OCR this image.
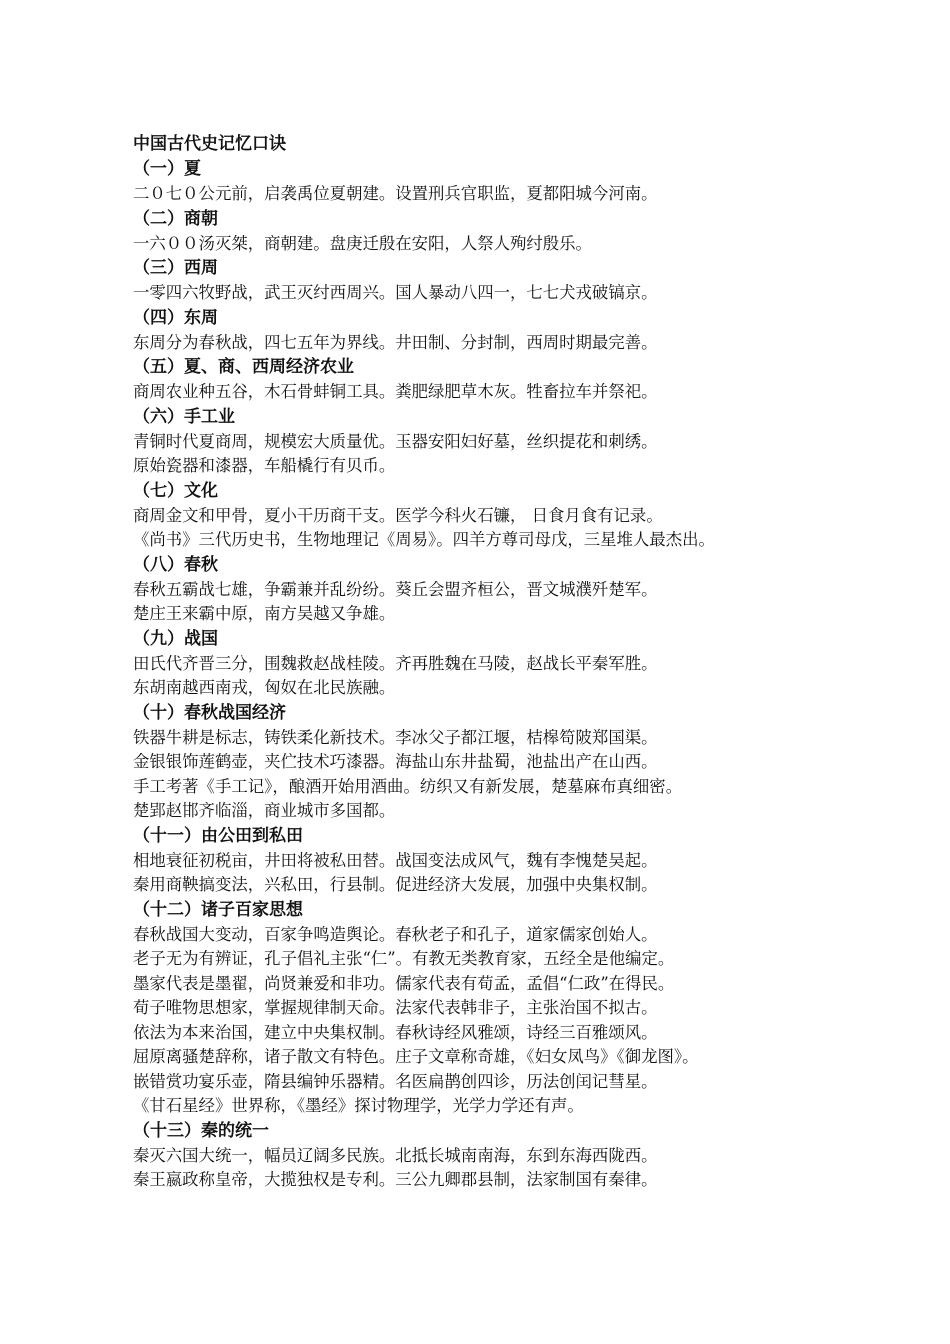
中国古代史记忆口诀

（一）夏

二０七０公元前，启袭禹位夏朝建。设置刑兵官职监，夏都阳城今河南。

（二）商朝

一六００汤灭桀，商朝建。盘庚迁殷在安阳，人祭人殉纣殷乐。

（三）西周

一零四六牧野战，武王灭纣西周兴。国人暴动八四一，七七犬戎破镐京。

（四）东周

东周分为春秋战，四七五年为界线。井田制、分封制，西周时期最完善。

（五）夏、商、西周经济农业

商周农业种五谷，木石骨蚌铜工具。粪肥绿肥草木灰。牲畜拉车并祭祀。

（六）手工业

青铜时代夏商周，规模宏大质量优。玉器安阳妇好墓，丝织提花和刺绣。

原始瓷器和漆器，车船橇行有贝币。

（七）文化

商周金文和甲骨，夏小干历商干支。医学今科火石镰， 日食月食有记录。

《尚书》三代历史书，生物地理记《周易》。四羊方尊司母戊，三星堆人最杰出。

（八）春秋

春秋五霸战七雄，争霸兼并乱纷纷。葵丘会盟齐桓公，晋文城濮歼楚军。

楚庄王来霸中原，南方吴越又争雄。

（九）战国

田氏代齐晋三分，围魏救赵战桂陵。齐再胜魏在马陵，赵战长平秦军胜。

东胡南越西南戎，匈奴在北民族融。

（十）春秋战国经济

铁器牛耕是标志，铸铁柔化新技术。李冰父子都江堰，桔槔笱陂郑国渠。

金银银饰莲鹤壶，夹伫技术巧漆器。海盐山东井盐蜀，池盐出产在山西。

手工考著《手工记》，酿酒开始用酒曲。纺织又有新发展，楚墓麻布真细密。

楚郢赵邯齐临淄，商业城市多国都。

（十一）由公田到私田

相地衰征初税亩，井田将被私田替。战国变法成风气，魏有李愧楚吴起。

秦用商鞅搞变法，兴私田，行县制。促进经济大发展，加强中央集权制。

（十二）诸子百家思想

春秋战国大变动，百家争鸣造舆论。春秋老子和孔子，道家儒家创始人。

老子无为有辨证，孔子倡礼主张“仁”。有教无类教育家，五经全是他编定。

墨家代表是墨翟，尚贤兼爱和非功。儒家代表有荀孟，孟倡“仁政”在得民。

荀子唯物思想家，掌握规律制天命。法家代表韩非子，主张治国不拟古。

依法为本来治国，建立中央集权制。春秋诗经风雅颂，诗经三百雅颂风。

屈原离骚楚辞称，诸子散文有特色。庄子文章称奇雄，《妇女凤鸟》《御龙图》。

嵌错赏功宴乐壶，隋县编钟乐器精。名医扁鹊创四诊，历法创闰记彗星。

《甘石星经》世界称，《墨经》探讨物理学，光学力学还有声。

（十三）秦的统一

秦灭六国大统一，幅员辽阔多民族。北抵长城南南海，东到东海西陇西。

秦王嬴政称皇帝，大揽独权是专利。三公九卿郡县制，法家制国有秦律。
